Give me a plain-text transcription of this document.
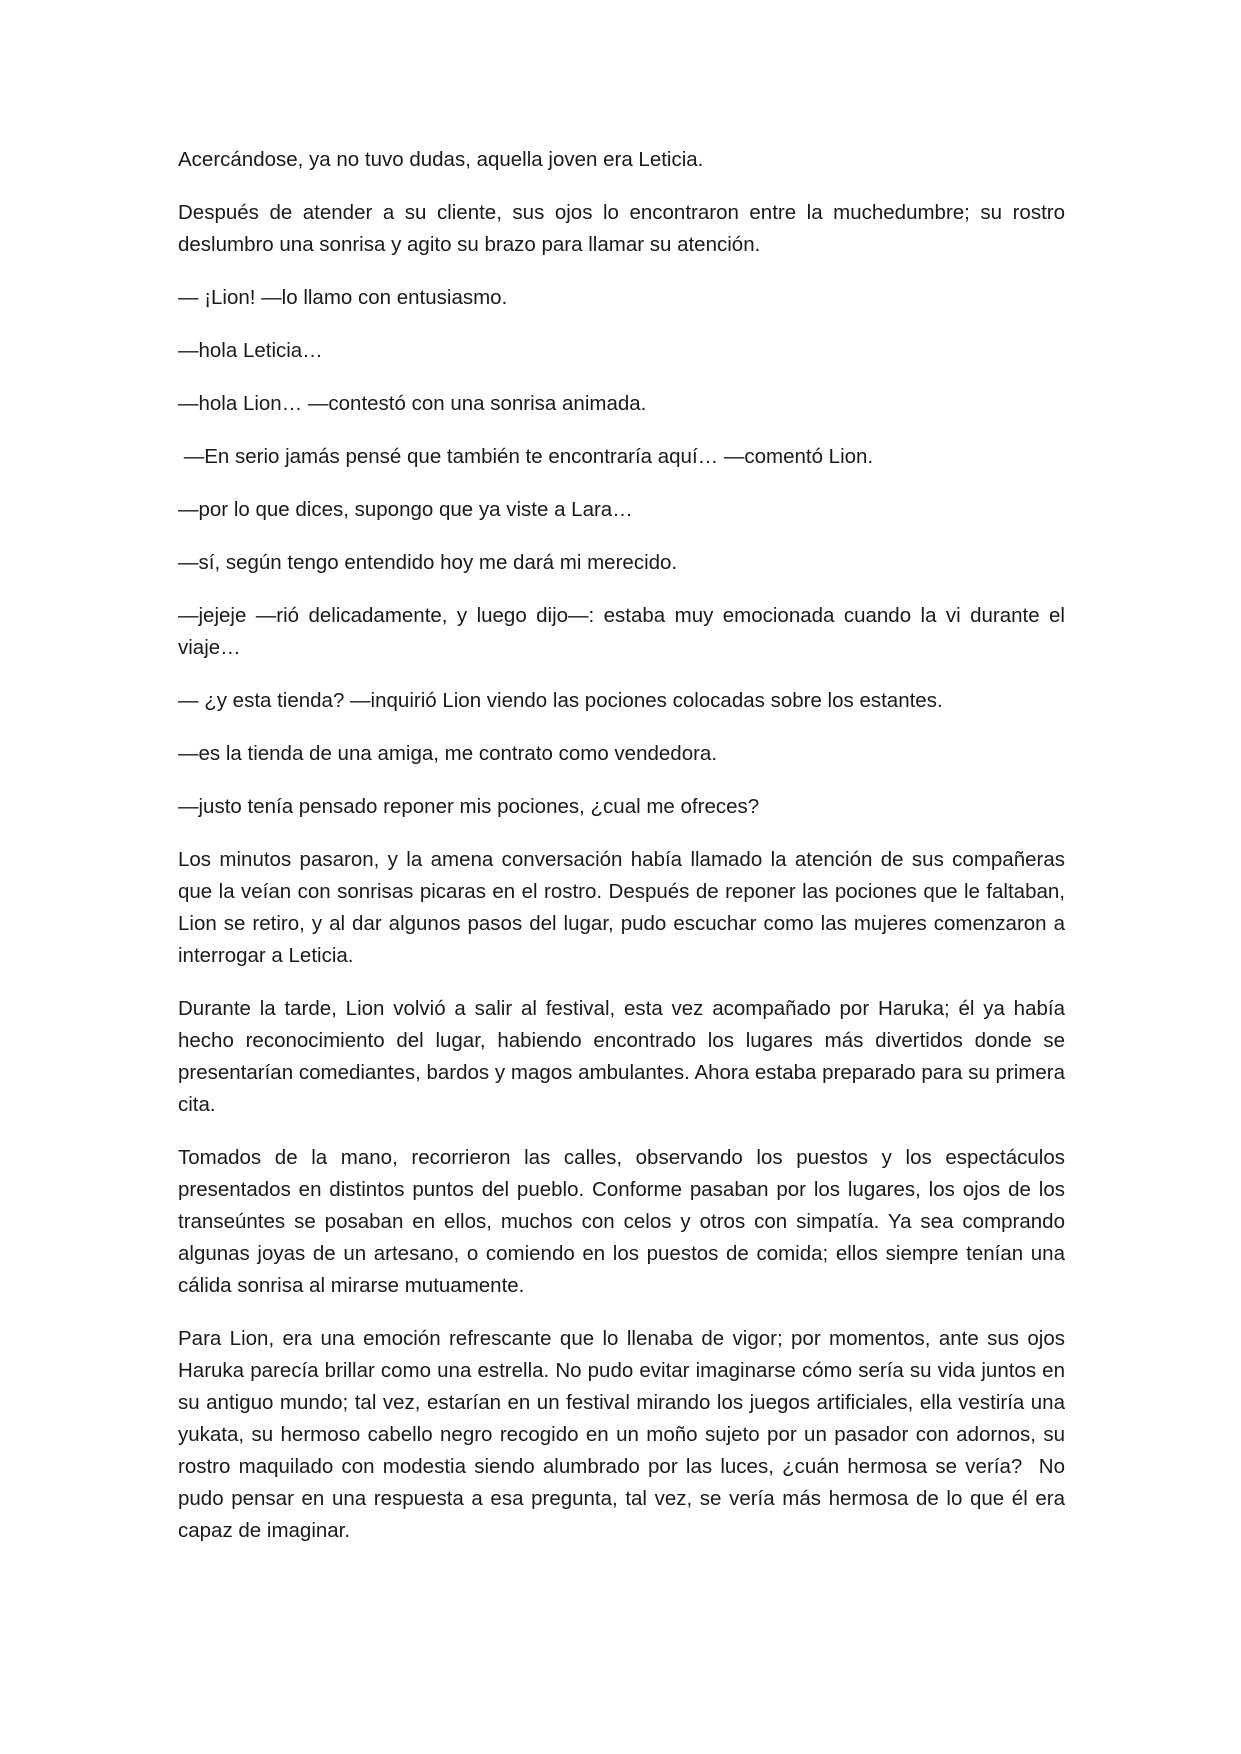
Acercándose, ya no tuvo dudas, aquella joven era Leticia.

Después de atender a su cliente, sus ojos lo encontraron entre la muchedumbre; su rostro deslumbro una sonrisa y agito su brazo para llamar su atención.

— ¡Lion! —lo llamo con entusiasmo.

—hola Leticia…

—hola Lion… —contestó con una sonrisa animada.

—En serio jamás pensé que también te encontraría aquí… —comentó Lion.

—por lo que dices, supongo que ya viste a Lara…

—sí, según tengo entendido hoy me dará mi merecido.

—jejeje —rió delicadamente, y luego dijo—: estaba muy emocionada cuando la vi durante el viaje…

— ¿y esta tienda? —inquirió Lion viendo las pociones colocadas sobre los estantes.

—es la tienda de una amiga, me contrato como vendedora.

—justo tenía pensado reponer mis pociones, ¿cual me ofreces?

Los minutos pasaron, y la amena conversación había llamado la atención de sus compañeras que la veían con sonrisas picaras en el rostro. Después de reponer las pociones que le faltaban, Lion se retiro, y al dar algunos pasos del lugar, pudo escuchar como las mujeres comenzaron a interrogar a Leticia.

Durante la tarde, Lion volvió a salir al festival, esta vez acompañado por Haruka; él ya había hecho reconocimiento del lugar, habiendo encontrado los lugares más divertidos donde se presentarían comediantes, bardos y magos ambulantes. Ahora estaba preparado para su primera cita.

Tomados de la mano, recorrieron las calles, observando los puestos y los espectáculos presentados en distintos puntos del pueblo. Conforme pasaban por los lugares, los ojos de los transeúntes se posaban en ellos, muchos con celos y otros con simpatía. Ya sea comprando algunas joyas de un artesano, o comiendo en los puestos de comida; ellos siempre tenían una cálida sonrisa al mirarse mutuamente.

Para Lion, era una emoción refrescante que lo llenaba de vigor; por momentos, ante sus ojos Haruka parecía brillar como una estrella. No pudo evitar imaginarse cómo sería su vida juntos en su antiguo mundo; tal vez, estarían en un festival mirando los juegos artificiales, ella vestiría una  yukata, su hermoso cabello negro recogido en un moño sujeto por un pasador con adornos, su rostro maquilado con modestia siendo alumbrado por las luces, ¿cuán hermosa se vería?  No pudo pensar en una respuesta a esa pregunta, tal vez, se vería más hermosa de lo que él era capaz de imaginar.
